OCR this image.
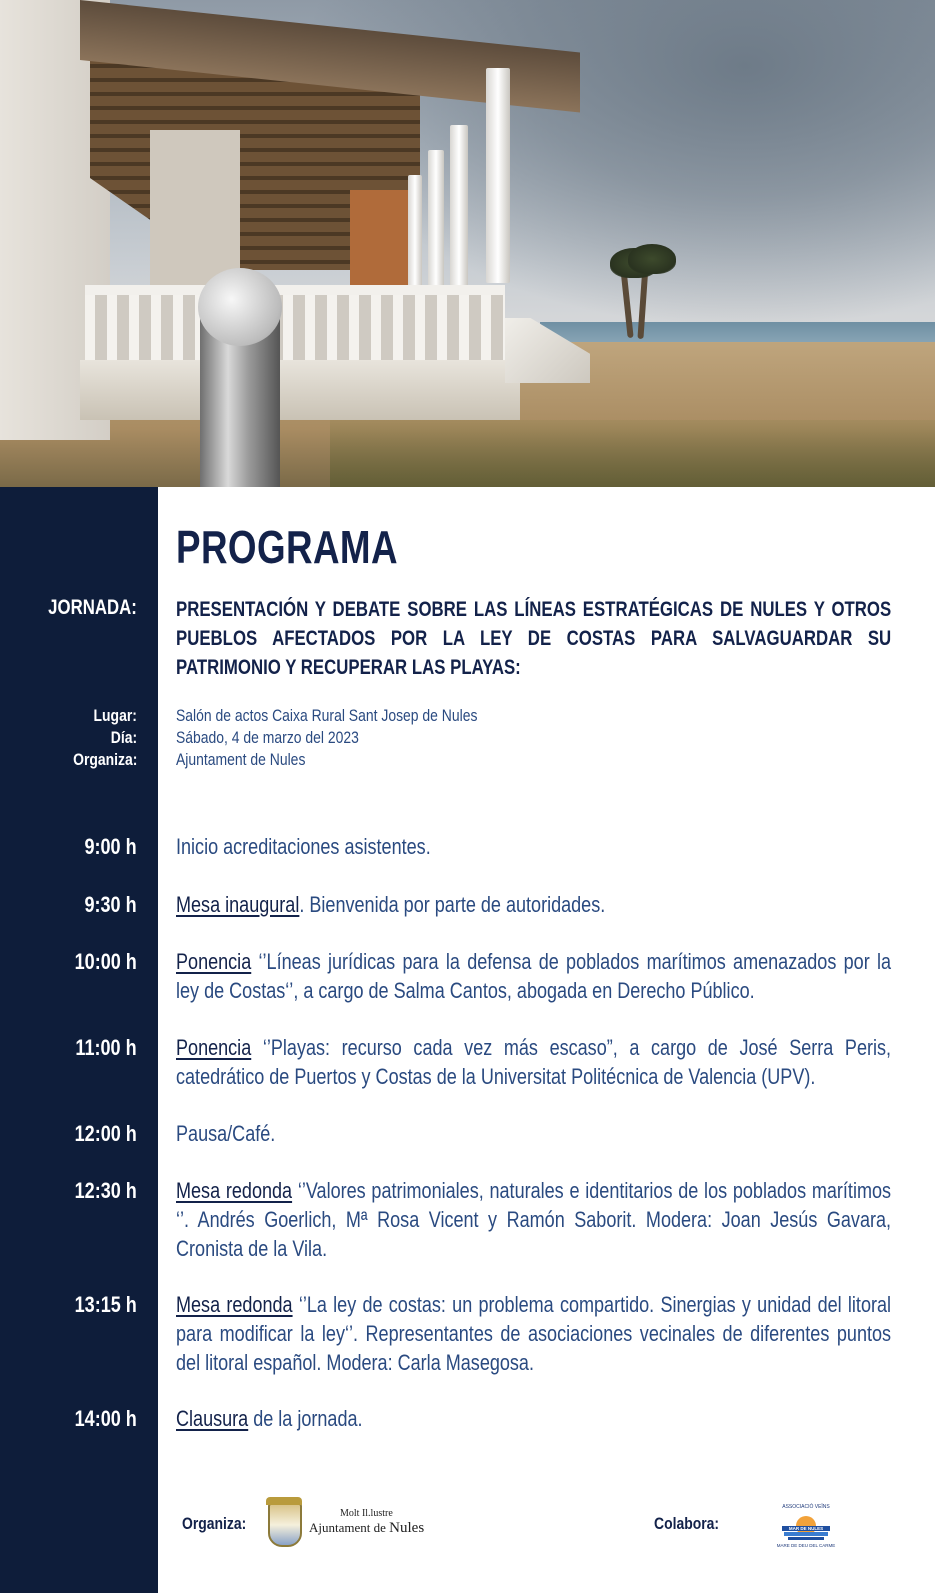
PROGRAMA
JORNADA: PRESENTACIÓN Y DEBATE SOBRE LAS LÍNEAS ESTRATÉGICAS DE NULES Y OTROS PUEBLOS AFECTADOS POR LA LEY DE COSTAS PARA SALVAGUARDAR SU PATRIMONIO Y RECUPERAR LAS PLAYAS:
Lugar: Salón de actos Caixa Rural Sant Josep de Nules
Día: Sábado, 4 de marzo del 2023
Organiza: Ajuntament de Nules
9:00 h Inicio acreditaciones asistentes.
9:30 h Mesa inaugural. Bienvenida por parte de autoridades.
10:00 h Ponencia ‘’Líneas jurídicas para la defensa de poblados marítimos amenazados por la ley de Costas‘’, a cargo de Salma Cantos, abogada en Derecho Público.
11:00 h Ponencia ‘’Playas: recurso cada vez más escaso”, a cargo de José Serra Peris, catedrático de Puertos y Costas de la Universitat Politécnica de Valencia (UPV).
12:00 h Pausa/Café.
12:30 h Mesa redonda ‘’Valores patrimoniales, naturales e identitarios de los poblados marítimos ‘’. Andrés Goerlich, Mª Rosa Vicent y Ramón Saborit. Modera: Joan Jesús Gavara, Cronista de la Vila.
13:15 h Mesa redonda ‘’La ley de costas: un problema compartido. Sinergias y unidad del litoral para modificar la ley‘’. Representantes de asociaciones vecinales de diferentes puntos del litoral español. Modera: Carla Masegosa.
14:00 h Clausura de la jornada.
Organiza:
Molt Il.lustre
Ajuntament de Nules	Colabora:
ASSOCIACIÓ VEÏNS
MAR DE NULES
MARE DE DEU DEL CARME
